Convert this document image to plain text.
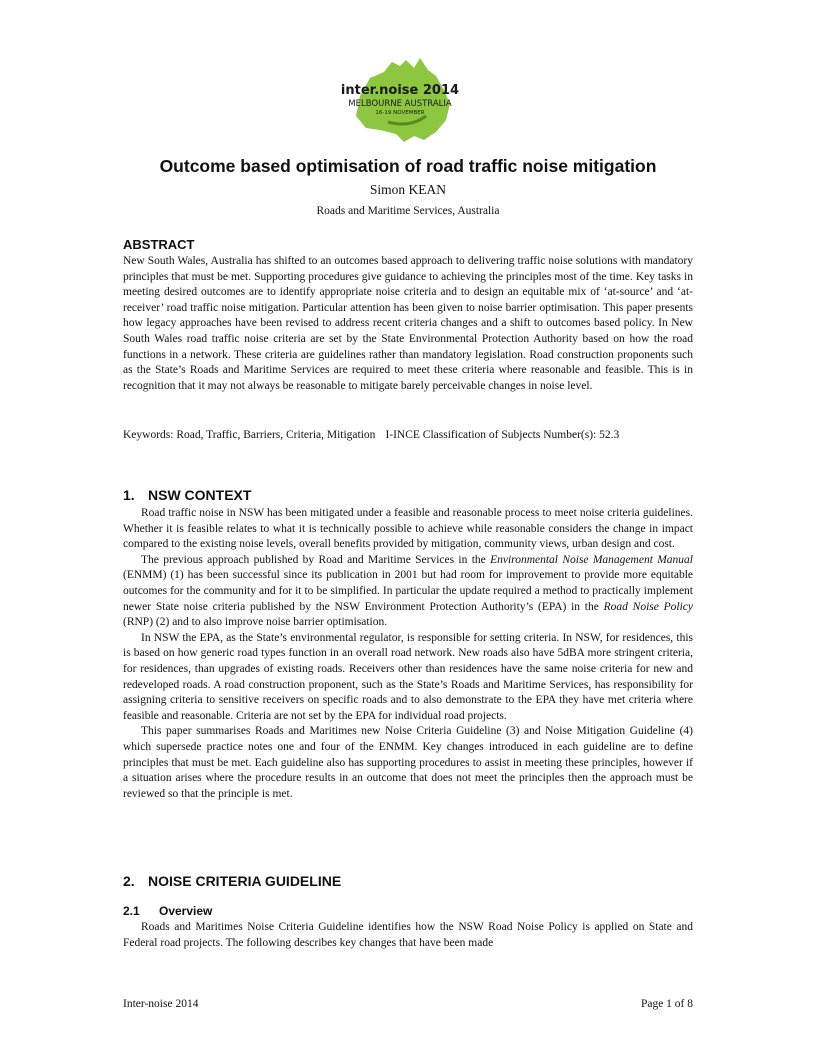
inter.noise 2014
MELBOURNE AUSTRALIA
16-19 NOVEMBER
Outcome based optimisation of road traffic noise mitigation
Simon KEAN
Roads and Maritime Services, Australia
ABSTRACT

New South Wales, Australia has shifted to an outcomes based approach to delivering traffic noise solutions with mandatory principles that must be met. Supporting procedures give guidance to achieving the principles most of the time. Key tasks in meeting desired outcomes are to identify appropriate noise criteria and to design an equitable mix of ‘at-source’ and ‘at-receiver’ road traffic noise mitigation. Particular attention has been given to noise barrier optimisation. This paper presents how legacy approaches have been revised to address recent criteria changes and a shift to outcomes based policy. In New South Wales road traffic noise criteria are set by the State Environmental Protection Authority based on how the road functions in a network. These criteria are guidelines rather than mandatory legislation. Road construction proponents such as the State’s Roads and Maritime Services are required to meet these criteria where reasonable and feasible. This is in recognition that it may not always be reasonable to mitigate barely perceivable changes in noise level.

Keywords: Road, Traffic, Barriers, Criteria, Mitigation I-INCE Classification of Subjects Number(s): 52.3
1. NSW CONTEXT

Road traffic noise in NSW has been mitigated under a feasible and reasonable process to meet noise criteria guidelines. Whether it is feasible relates to what it is technically possible to achieve while reasonable considers the change in impact compared to the existing noise levels, overall benefits provided by mitigation, community views, urban design and cost.

The previous approach published by Road and Maritime Services in the Environmental Noise Management Manual (ENMM) (1) has been successful since its publication in 2001 but had room for improvement to provide more equitable outcomes for the community and for it to be simplified. In particular the update required a method to practically implement newer State noise criteria published by the NSW Environment Protection Authority’s (EPA) in the Road Noise Policy (RNP) (2) and to also improve noise barrier optimisation.

In NSW the EPA, as the State’s environmental regulator, is responsible for setting criteria. In NSW, for residences, this is based on how generic road types function in an overall road network. New roads also have 5dBA more stringent criteria, for residences, than upgrades of existing roads. Receivers other than residences have the same noise criteria for new and redeveloped roads. A road construction proponent, such as the State’s Roads and Maritime Services, has responsibility for assigning criteria to sensitive receivers on specific roads and to also demonstrate to the EPA they have met criteria where feasible and reasonable. Criteria are not set by the EPA for individual road projects.

This paper summarises Roads and Maritimes new Noise Criteria Guideline (3) and Noise Mitigation Guideline (4) which supersede practice notes one and four of the ENMM. Key changes introduced in each guideline are to define principles that must be met. Each guideline also has supporting procedures to assist in meeting these principles, however if a situation arises where the procedure results in an outcome that does not meet the principles then the approach must be reviewed so that the principle is met.

2. NOISE CRITERIA GUIDELINE
2.1 Overview

Roads and Maritimes Noise Criteria Guideline identifies how the NSW Road Noise Policy is applied on State and Federal road projects. The following describes key changes that have been made

Inter-noise 2014	Page 1 of 8
